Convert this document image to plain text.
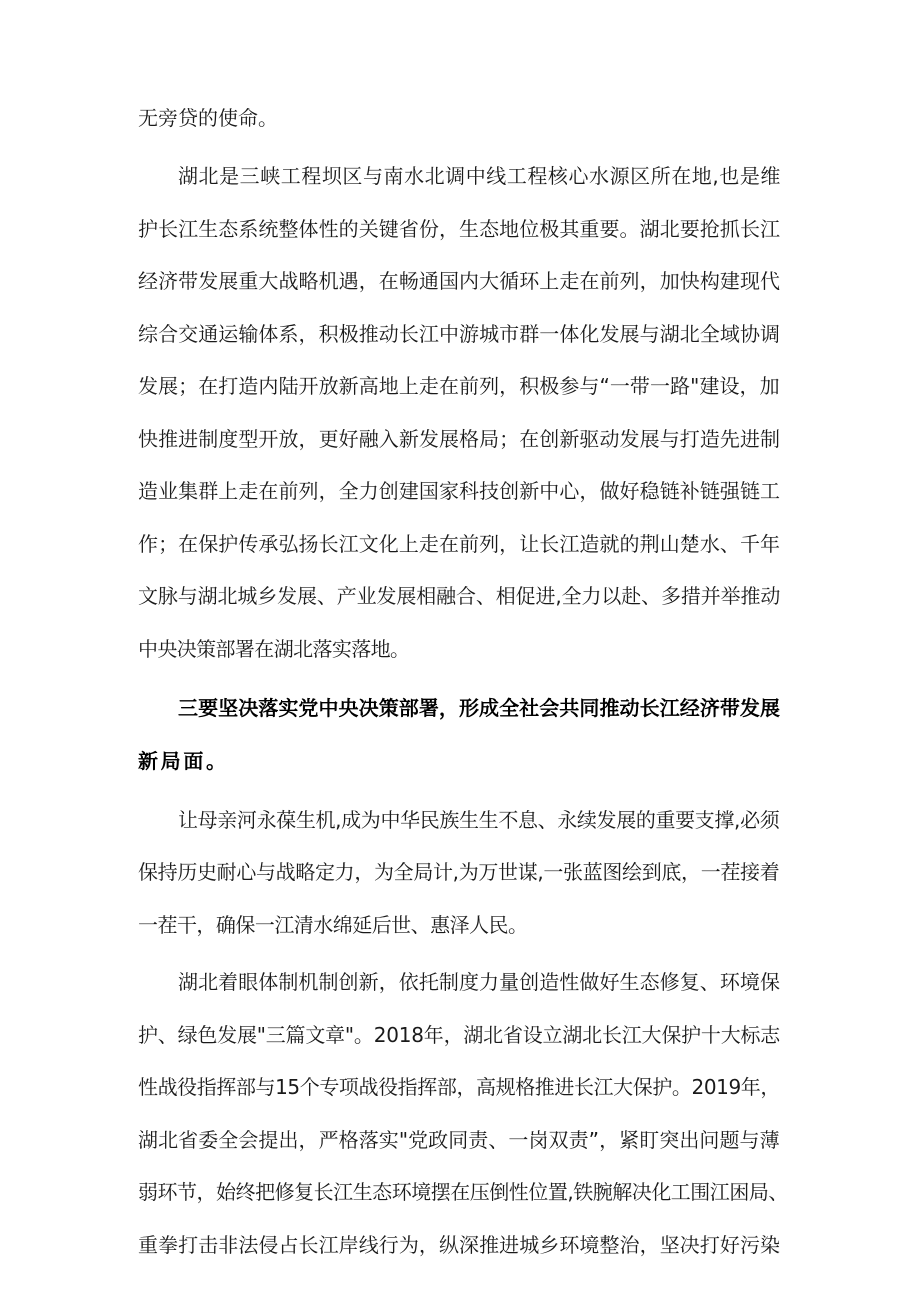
无旁贷的使命。
湖北是三峡工程坝区与南水北调中线工程核心水源区所在地,也是维
护长江生态系统整体性的关键省份，生态地位极其重要。湖北要抢抓长江
经济带发展重大战略机遇，在畅通国内大循环上走在前列，加快构建现代
综合交通运输体系，积极推动长江中游城市群一体化发展与湖北全域协调
发展；在打造内陆开放新高地上走在前列，积极参与“一带一路"建设，加
快推进制度型开放，更好融入新发展格局；在创新驱动发展与打造先进制
造业集群上走在前列，全力创建国家科技创新中心，做好稳链补链强链工
作；在保护传承弘扬长江文化上走在前列，让长江造就的荆山楚水、千年
文脉与湖北城乡发展、产业发展相融合、相促进,全力以赴、多措并举推动
中央决策部署在湖北落实落地。
三要坚决落实党中央决策部署，形成全社会共同推动长江经济带发展
新局面。
让母亲河永葆生机,成为中华民族生生不息、永续发展的重要支撑,必须
保持历史耐心与战略定力，为全局计,为万世谋,一张蓝图绘到底，一茬接着
一茬干，确保一江清水绵延后世、惠泽人民。
湖北着眼体制机制创新，依托制度力量创造性做好生态修复、环境保
护、绿色发展"三篇文章"。2018年，湖北省设立湖北长江大保护十大标志
性战役指挥部与15个专项战役指挥部，高规格推进长江大保护。2019年，
湖北省委全会提出，严格落实"党政同责、一岗双责”，紧盯突出问题与薄
弱环节，始终把修复长江生态环境摆在压倒性位置,铁腕解决化工围江困局、
重拳打击非法侵占长江岸线行为，纵深推进城乡环境整治，坚决打好污染
